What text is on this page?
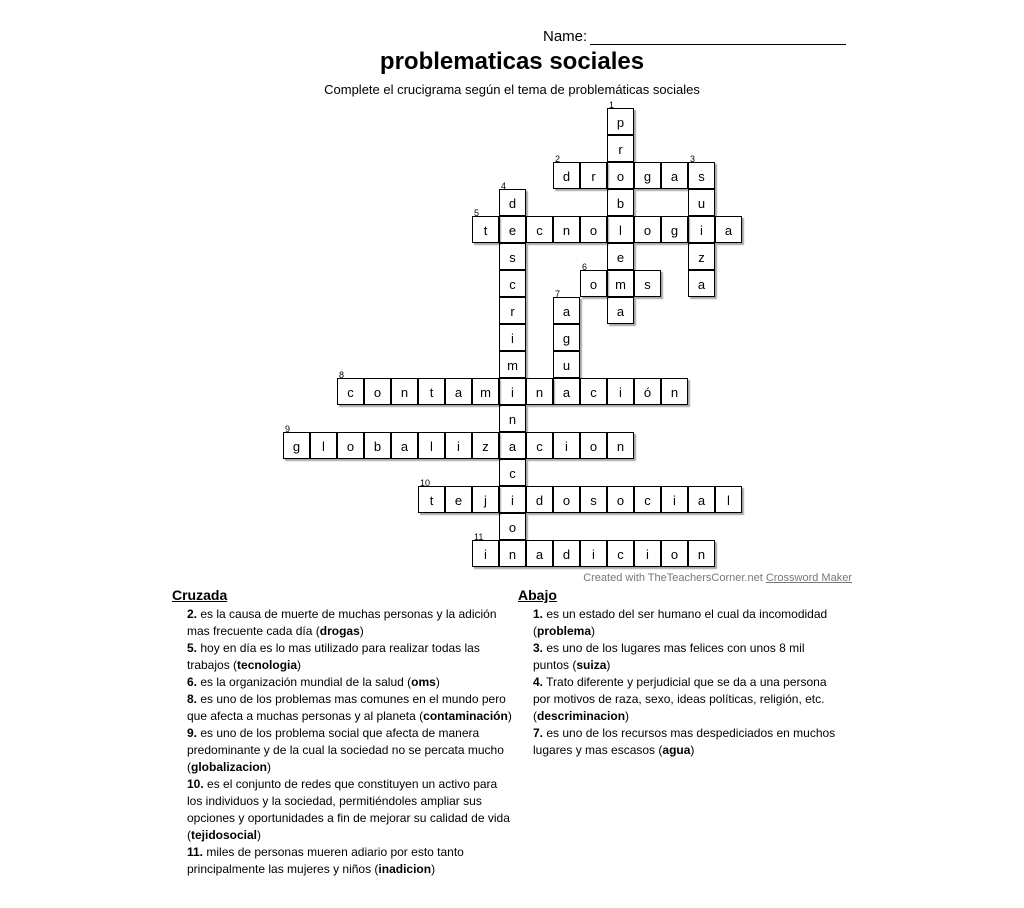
Name:
problematicas sociales
Complete el crucigrama según el tema de problemáticas sociales
p
1
r
o
b
l
e
m
a
d
2
r	g	a	s
3
u
i
z
a
d
4
e
s
c
r
i
m
i
n
a
c
i
o
t
5
c	n	o	o	g	a
o
6
s
a
7
g
u
a
c
8
o	n	t	a	m	n	c	i	ó	n
g
9
l	o	b	a	l	i	z	c	i	o	n
t
10
e	j	d	o	s	o	c	i	a	l
i
11
n	a	d	i	c	i	o	n
Created with TheTeachersCorner.net Crossword Maker
Cruzada
2. es la causa de muerte de muchas personas y la adición mas frecuente cada día (drogas)
5. hoy en día es lo mas utilizado para realizar todas las trabajos (tecnologia)
6. es la organización mundial de la salud (oms)
8. es uno de los problemas mas comunes en el mundo pero que afecta a muchas personas y al planeta (contaminación)
9. es uno de los problema social que afecta de manera predominante y de la cual la sociedad no se percata mucho (globalizacion)
10. es el conjunto de redes que constituyen un activo para los individuos y la sociedad, permitiéndoles ampliar sus opciones y oportunidades a fin de mejorar su calidad de vida (tejidosocial)
11. miles de personas mueren adiario por esto tanto principalmente las mujeres y niños (inadicion)
Abajo
1. es un estado del ser humano el cual da incomodidad (problema)
3. es uno de los lugares mas felices con unos 8 mil puntos (suiza)
4. Trato diferente y perjudicial que se da a una persona por motivos de raza, sexo, ideas políticas, religión, etc. (descriminacion)
7. es uno de los recursos mas despediciados en muchos lugares y mas escasos (agua)
